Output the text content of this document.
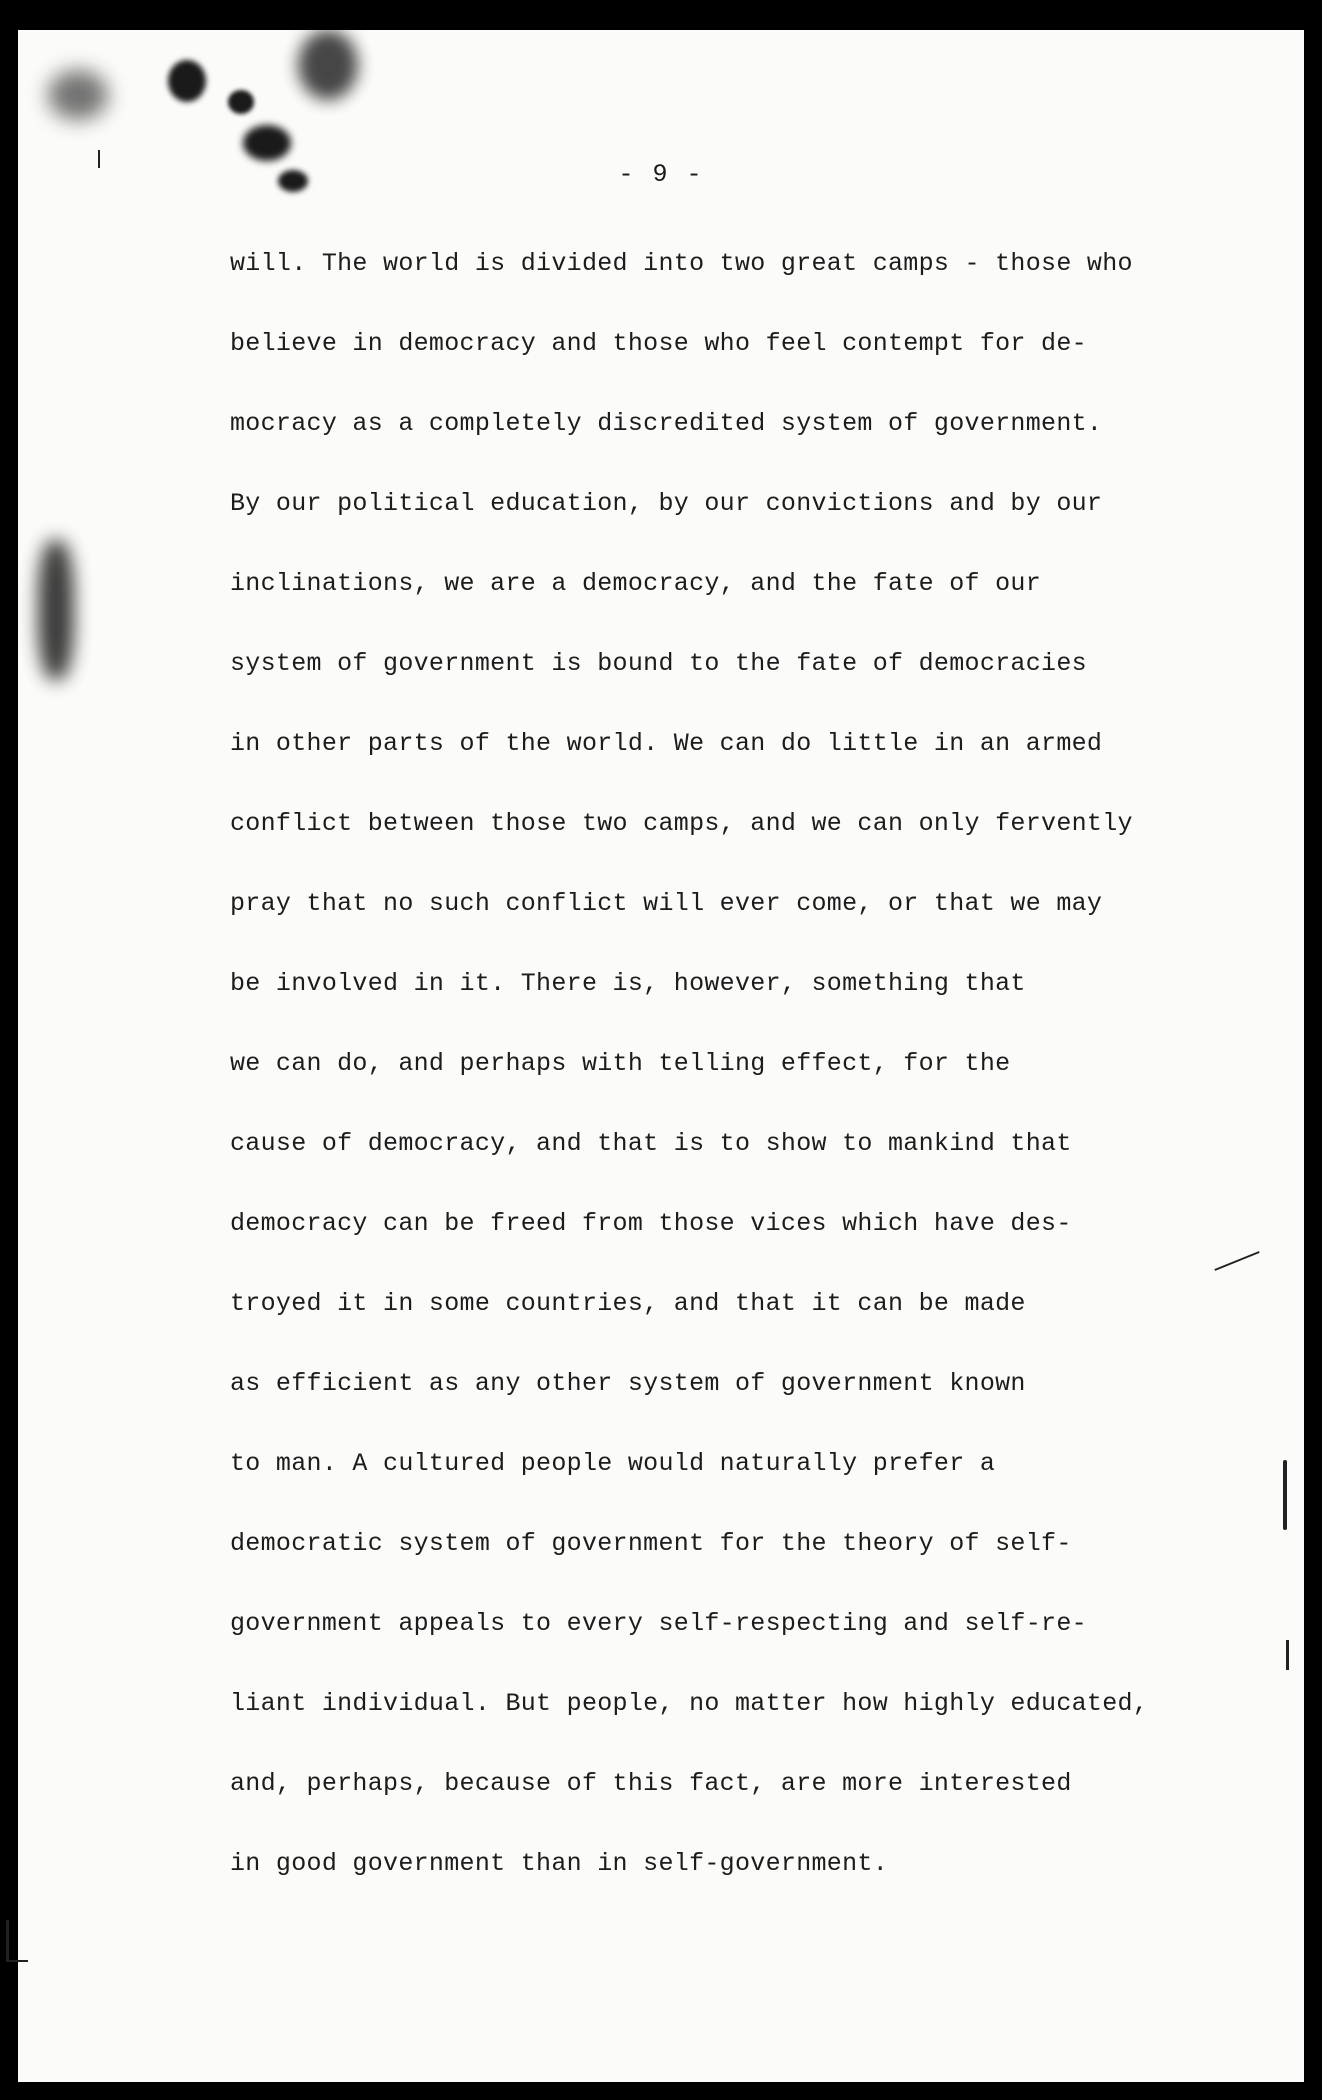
- 9 -
will. The world is divided into two great camps - those who
believe in democracy and those who feel contempt for de-
mocracy as a completely discredited system of government.
By our political education, by our convictions and by our
inclinations, we are a democracy, and the fate of our
system of government is bound to the fate of democracies
in other parts of the world. We can do little in an armed
conflict between those two camps, and we can only fervently
pray that no such conflict will ever come, or that we may
be involved in it. There is, however, something that
we can do, and perhaps with telling effect, for the
cause of democracy, and that is to show to mankind that
democracy can be freed from those vices which have des-
troyed it in some countries, and that it can be made
as efficient as any other system of government known
to man. A cultured people would naturally prefer a
democratic system of government for the theory of self-
government appeals to every self-respecting and self-re-
liant individual. But people, no matter how highly educated,
and, perhaps, because of this fact, are more interested
in good government than in self-government.
